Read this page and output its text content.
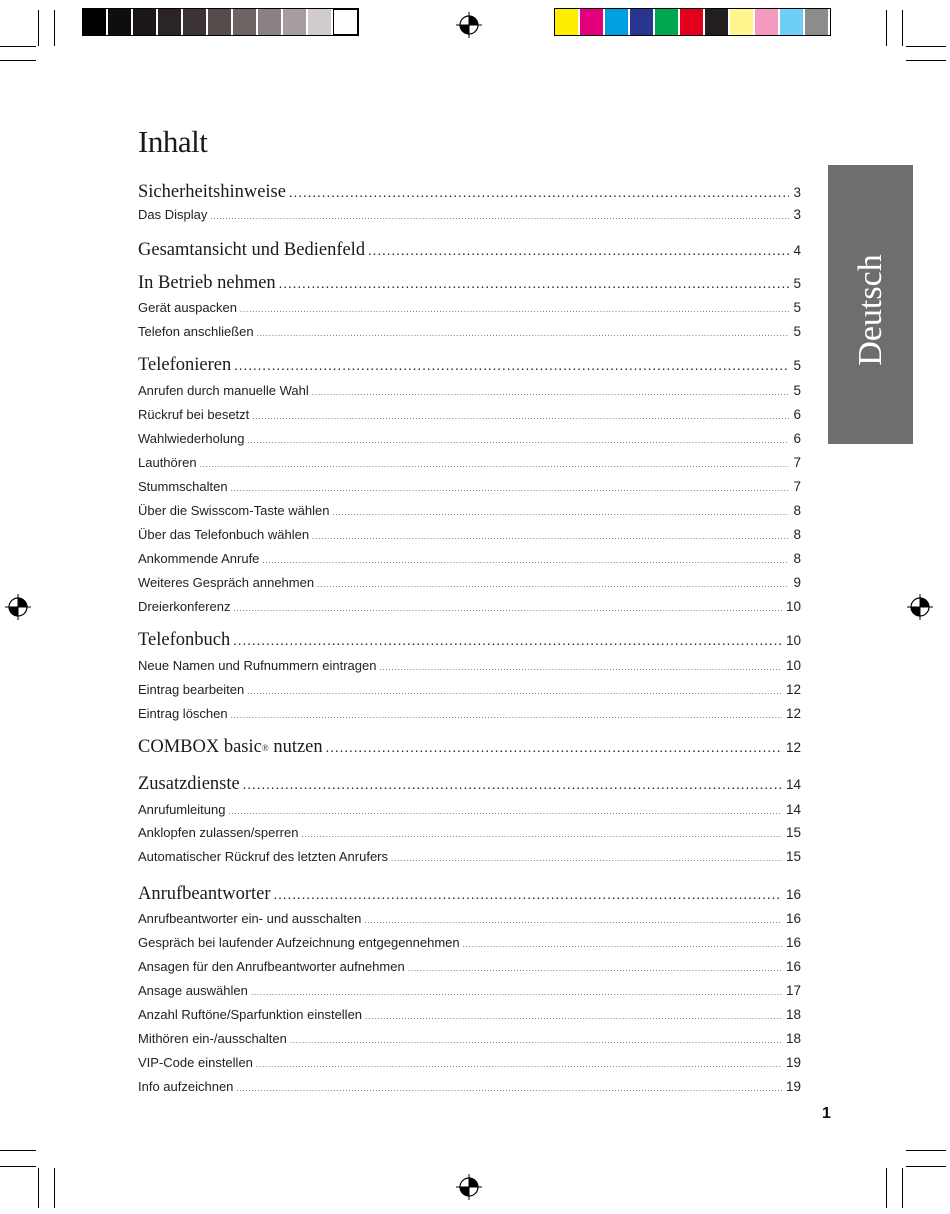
Inhalt
Sicherheitshinweise .....	3
Das Display .....	3
Gesamtansicht und Bedienfeld .....	4
In Betrieb nehmen .....	5
Gerät auspacken .....	5
Telefon anschließen .....	5
Telefonieren .....	5
Anrufen durch manuelle Wahl .....	5
Rückruf bei besetzt .....	6
Wahlwiederholung .....	6
Lauthören .....	7
Stummschalten .....	7
Über die Swisscom-Taste wählen .....	8
Über das Telefonbuch wählen .....	8
Ankommende Anrufe .....	8
Weiteres Gespräch annehmen .....	9
Dreierkonferenz .....	10
Telefonbuch .....	10
Neue Namen und Rufnummern eintragen .....	10
Eintrag bearbeiten .....	12
Eintrag löschen .....	12
COMBOX basic® nutzen .....	12
Zusatzdienste .....	14
Anrufumleitung .....	14
Anklopfen zulassen/sperren .....	15
Automatischer Rückruf des letzten Anrufers .....	15
Anrufbeantworter .....	16
Anrufbeantworter ein- und ausschalten .....	16
Gespräch bei laufender Aufzeichnung entgegennehmen .....	16
Ansagen für den Anrufbeantworter aufnehmen .....	16
Ansage auswählen .....	17
Anzahl Ruftöne/Sparfunktion einstellen .....	18
Mithören ein-/ausschalten .....	18
VIP-Code einstellen .....	19
Info aufzeichnen .....	19
Deutsch
1
